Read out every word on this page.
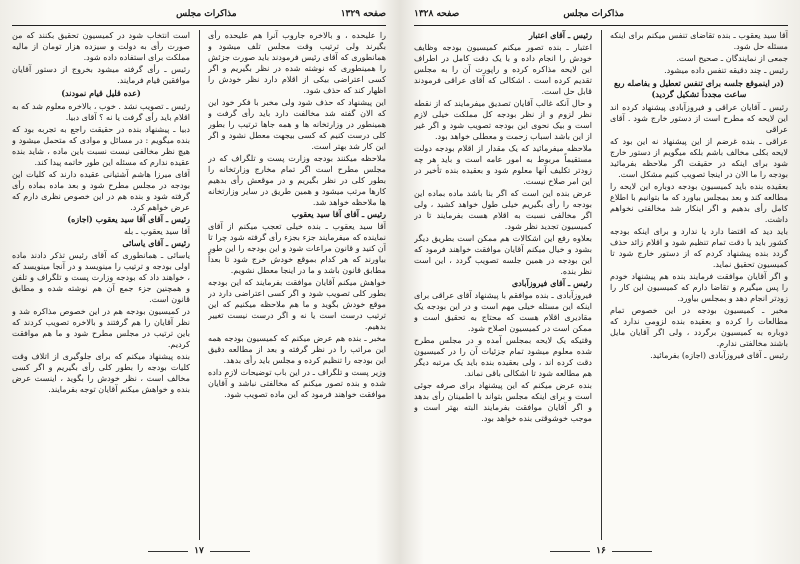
صفحه ۱۳۲۹
مذاکرات مجلس

را علیحده ، و بالاخره جاروب آنرا هم علیحده رأی بگیرند ولی ترتیب وقت مجلس تلف میشود و همانطوری که آقای رئیس فرمودند باید صورت جزئش را همینطوری که نوشته شده در نظر بگیریم و اگر کسی اعتراضی بیکی از اقلام دارد نظر خودش را اظهار کند که حذف شود.

این پیشنهاد که حذف شود ولی مخبر با فکر خود این که الان گفته شد مخالفت دارد باید رأی گرفت و همینطور در وزارتخانه ها و همه جاها ترتیب را بطور کلی درست کنیم که کسی بیجهت معطل نشود و اگر این کار شد بهتر است.

ملاحظه میکنند بودجه وزارت پست و تلگراف که در مجلس مطرح است اگر تمام مخارج وزارتخانه را بطور کلی در نظر بگیریم و در موقعش رأی بدهیم کارها مرتب میشود و همین طریق در سایر وزارتخانه ها ملاحظه خواهد شد.

رئیس ـ آقای آقا سید یعقوب

آقا سید یعقوب ـ بنده خیلی تعجب میکنم از آقای نماینده که میفرمایند جزء بجزء رأی گرفته شود چرا تا آن کنید و قانون مراعات شود و این بودجه را این طور بیاورند که هر کدام بموقع خودش خرج شود تا بعداً مطابق قانون باشد و ما در اینجا معطل نشویم.

خواهش میکنم آقایان موافقت بفرمایند که این بودجه بطور کلی تصویب شود و اگر کسی اعتراضی دارد در موقع خودش بگوید و ما هم ملاحظه میکنیم که این ترتیب درست است یا نه و اگر درست نیست تغییر بدهیم.

مخبر ـ بنده هم عرض میکنم که کمیسیون بودجه همه این مراتب را در نظر گرفته و بعد از مطالعه دقیق این بودجه را تنظیم کرده و مجلس باید رأی بدهد.

وزیر پست و تلگراف ـ در این باب توضیحات لازم داده شده و بنده تصور میکنم که مخالفتی نباشد و آقایان موافقت خواهند فرمود که این ماده تصویب شود.

است انتخاب شود در کمیسیون تحقیق بکنند که من صورت رأی به دولت و سیزده هزار تومان از مالیه مملکت برای استفاده داده شود.

رئیس ـ رأی گرفته میشود بخروج از دستور آقایان موافقین قیام فرمایند.

(عده قلیل قیام نمودند)

رئیس ـ تصویب نشد . خوب ، بالاخره معلوم شد که به اقلام باید رأی گرفت یا نه ؟ آقای دبیا.

دبیا ـ پیشنهاد بنده در حقیقت راجع به تجربه بود که بنده میگویم : در مسائل و موادی که متحمل میشود و هیچ نظر مخالفی نیست نسبت باین ماده ، شاید بنده عقیده ندارم که مسئله این طور خاتمه پیدا کند.

آقای میرزا هاشم آشتیانی عقیده دارند که کلیات این بودجه در مجلس مطرح شود و بعد ماده بماده رأی گرفته شود و بنده هم در این خصوص نظری دارم که عرض خواهم کرد.

رئیس ـ آقای آقا سید یعقوب (اجازه)

آقا سید یعقوب ـ بله

رئیس ـ آقای یاسائی

یاسائی ـ همانطوری که آقای رئیس تذکر دادند ماده اولی بودجه و ترتیب را مینویسد و در آنجا مینویسد که ، خواهند داد که بودجه وزارت پست و تلگراف و تلفن و همچنین جزء جمع آن هم نوشته شده و مطابق قانون است.

در کمیسیون بودجه هم در این خصوص مذاکره شد و نظر آقایان را هم گرفتند و بالاخره تصویب کردند که باین ترتیب در مجلس مطرح شود و ما هم موافقت کردیم.

بنده پیشنهاد میکنم که برای جلوگیری از اتلاف وقت کلیات بودجه را بطور کلی رأی بگیریم و اگر کسی مخالف است ، نظر خودش را بگوید ، اینست عرض بنده و خواهش میکنم آقایان توجه بفرمایند.

۱۷
مذاکرات مجلس
صفحه ۱۳۲۸

آقا سید یعقوب ـ بنده تقاضای تنفس میکنم برای اینکه مسئله حل شود.

جمعی از نمایندگان ـ صحیح است.

رئیس ـ چند دقیقه تنفس داده میشود.

(در اینموقع جلسه برای تنفس تعطیل و بفاصله ربع ساعت مجدداً تشکیل گردید)

رئیس ـ آقایان عراقی و فیروزآبادی پیشنهاد کرده اند این لایحه که مطرح است از دستور خارج شود . آقای عراقی

عراقی ـ بنده غرضم از این پیشنهاد نه این بود که لایحه بکلی مخالف باشم بلکه میگویم از دستور خارج شود برای اینکه در حقیقت اگر ملاحظه بفرمائید بودجه را ما الان در اینجا تصویب کنیم مشکل است.

بعقیده بنده باید کمیسیون بودجه دوباره این لایحه را مطالعه کند و بعد بمجلس بیاورد که ما بتوانیم با اطلاع کامل رأی بدهیم و اگر اینکار شد مخالفتی نخواهم داشت.

باید دید که اقتضا دارد یا ندارد و برای اینکه بودجه کشور باید با دقت تمام تنظیم شود و اقلام زائد حذف گردد بنده پیشنهاد کردم که از دستور خارج شود تا کمیسیون تحقیق نماید.

و اگر آقایان موافقت فرمایند بنده هم پیشنهاد خودم را پس میگیرم و تقاضا دارم که کمیسیون این کار را زودتر انجام دهد و بمجلس بیاورد.

مخبر ـ کمیسیون بودجه در این خصوص تمام مطالعات را کرده و بعقیده بنده لزومی ندارد که دوباره به کمیسیون برگردد ، ولی اگر آقایان مایل باشند مخالفتی ندارم.

رئیس ـ آقای فیروزآبادی (اجازه) بفرمائید.

رئیس ـ آقای اعتبار

اعتبار ـ بنده تصور میکنم کمیسیون بودجه وظایف خودش را انجام داده و با یک دقت کامل در اطراف این لایحه مذاکره کرده و راپورت آن را به مجلس تقدیم کرده است . اشکالی که آقای عراقی فرمودند قابل حل است.

و حال آنکه غالب آقایان تصدیق میفرمایند که از نقطه نظر لزوم و از نظر بودجه کل مملکت خیلی لازم است و بیک نحوی این بودجه تصویب شود و اگر غیر از این باشد اسباب زحمت و معطلی خواهد بود.

ملاحظه میفرمائید که یک مقدار از اقلام بودجه دولت مستقیماً مربوط به امور عامه است و باید هر چه زودتر تکلیف آنها معلوم شود و بعقیده بنده تأخیر در این امر صلاح نیست.

عرض بنده این است که اگر بنا باشد ماده بماده این بودجه را رأی بگیریم خیلی طول خواهد کشید ، ولی اگر مخالفی نسبت به اقلام هست بفرمایند تا در کمیسیون تجدید نظر شود.

بعلاوه رفع این اشکالات هم ممکن است بطریق دیگر بشود و خیال میکنم آقایان موافقت خواهند فرمود که این بودجه در همین جلسه تصویب گردد ، این است نظر بنده.

رئیس ـ آقای فیروزآبادی

فیروزآبادی ـ بنده موافقم با پیشنهاد آقای عراقی برای اینکه این مسئله خیلی مهم است و در این بودجه یک مقادیری اقلام هست که محتاج به تحقیق است و ممکن است در کمیسیون اصلاح شود.

وقتیکه یک لایحه بمجلس آمده و در مجلس مطرح شده معلوم میشود تمام جزئیات آن را در کمیسیون دقت کرده اند ، ولی بعقیده بنده باید یک مرتبه دیگر هم مطالعه شود تا اشکالی باقی نماند.

بنده عرض میکنم که این پیشنهاد برای صرفه جوئی است و برای اینکه مجلس بتواند با اطمینان رأی بدهد و اگر آقایان موافقت بفرمایند البته بهتر است و موجب خوشوقتی بنده خواهد بود.

۱۶
